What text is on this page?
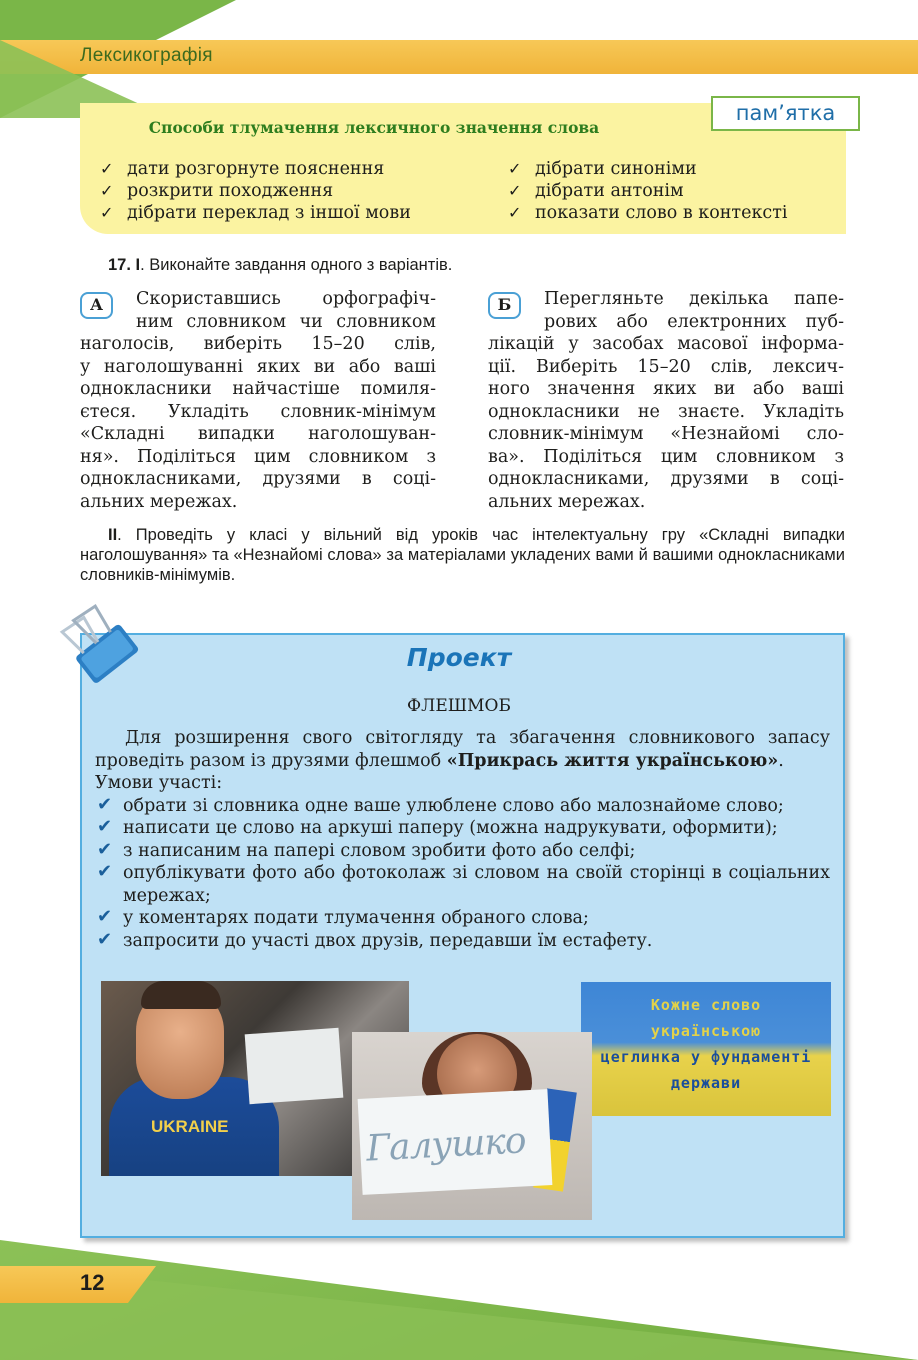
Лексикографія
пам’ятка
Способи тлумачення лексичного значення слова
✓ дати розгорнуте пояснення
✓ розкрити походження
✓ дібрати переклад з іншої мови
✓ дібрати синоніми
✓ дібрати антонім
✓ показати слово в контексті
17. I. Виконайте завдання одного з варіантів.
А	Скориставшись орфографіч-
ним словником чи словником
наголосів, виберіть 15–20 слів,
у наголошуванні яких ви або ваші
однокласники найчастіше помиля-
єтеся. Укладіть словник-мінімум
«Складні випадки наголошуван-
ня». Поділіться цим словником з
однокласниками, друзями в соці-
альних мережах.
Б	Перегляньте декілька папе-
рових або електронних пуб-
лікацій у засобах масової інформа-
ції. Виберіть 15–20 слів, лексич-
ного значення яких ви або ваші
однокласники не знаєте. Укладіть
словник-мінімум «Незнайомі сло-
ва». Поділіться цим словником з
однокласниками, друзями в соці-
альних мережах.
II. Проведіть у класі у вільний від уроків час інтелектуальну гру «Складні випадки наголошування» та «Незнайомі слова» за матеріалами укладених вами й вашими однокласниками словників-мінімумів.
Проект
ФЛЕШМОБ
Для розширення свого світогляду та збагачення словникового запасу проведіть разом із друзями флешмоб «Прикрась життя українською».
Умови участі:
✔ обрати зі словника одне ваше улюблене слово або малознайоме слово;
✔ написати це слово на аркуші паперу (можна надрукувати, оформити);
✔ з написаним на папері словом зробити фото або селфі;
✔ опублікувати фото або фотоколаж зі словом на своїй сторінці в соціальних мережах;
✔ у коментарях подати тлумачення обраного слова;
✔ запросити до участі двох друзів, передавши їм естафету.
UKRAINE
Кожне слово
українською
цеглинка у фундаменті
держави
Галушко
12
